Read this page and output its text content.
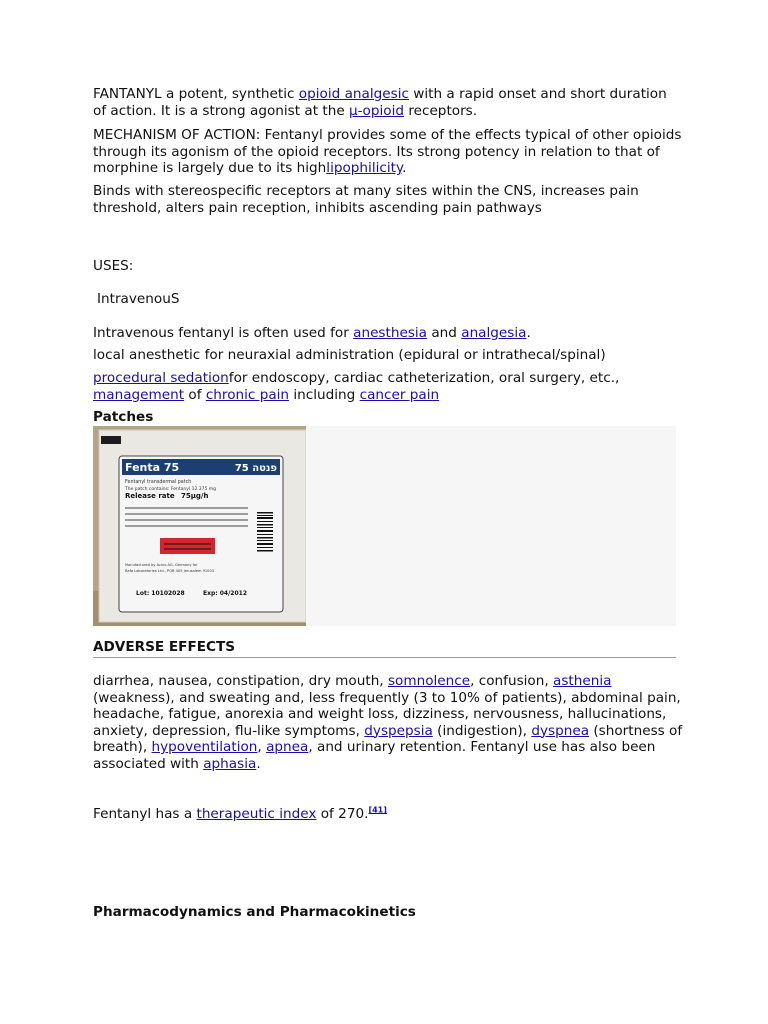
FANTANYL a potent, synthetic opioid analgesic with a rapid onset and short duration of action. It is a strong agonist at the μ-opioid receptors.

MECHANISM OF ACTION: Fentanyl provides some of the effects typical of other opioids through its agonism of the opioid receptors. Its strong potency in relation to that of morphine is largely due to its highlipophilicity.

Binds with stereospecific receptors at many sites within the CNS, increases pain threshold, alters pain reception, inhibits ascending pain pathways

USES:

IntravenouS

Intravenous fentanyl is often used for anesthesia and analgesia.

local anesthetic for neuraxial administration (epidural or intrathecal/spinal)

procedural sedationfor endoscopy, cardiac catheterization, oral surgery, etc.,
management of chronic pain including cancer pain

Patches

Fenta 75	פנטה 75
Fentanyl transdermal patch
The patch contains: Fentanyl 12.375 mg
Release rate 75μg/h
Manufactured by Acino AG, Germany for
Rafa Laboratories Ltd., POB 405 Jerusalem 91003
Lot: 10102028	Exp: 04/2012

ADVERSE EFFECTS

diarrhea, nausea, constipation, dry mouth, somnolence, confusion, asthenia (weakness), and sweating and, less frequently (3 to 10% of patients), abdominal pain, headache, fatigue, anorexia and weight loss, dizziness, nervousness, hallucinations, anxiety, depression, flu-like symptoms, dyspepsia (indigestion), dyspnea (shortness of breath), hypoventilation, apnea, and urinary retention. Fentanyl use has also been associated with aphasia.

Fentanyl has a therapeutic index of 270.[41]

Pharmacodynamics and Pharmacokinetics
